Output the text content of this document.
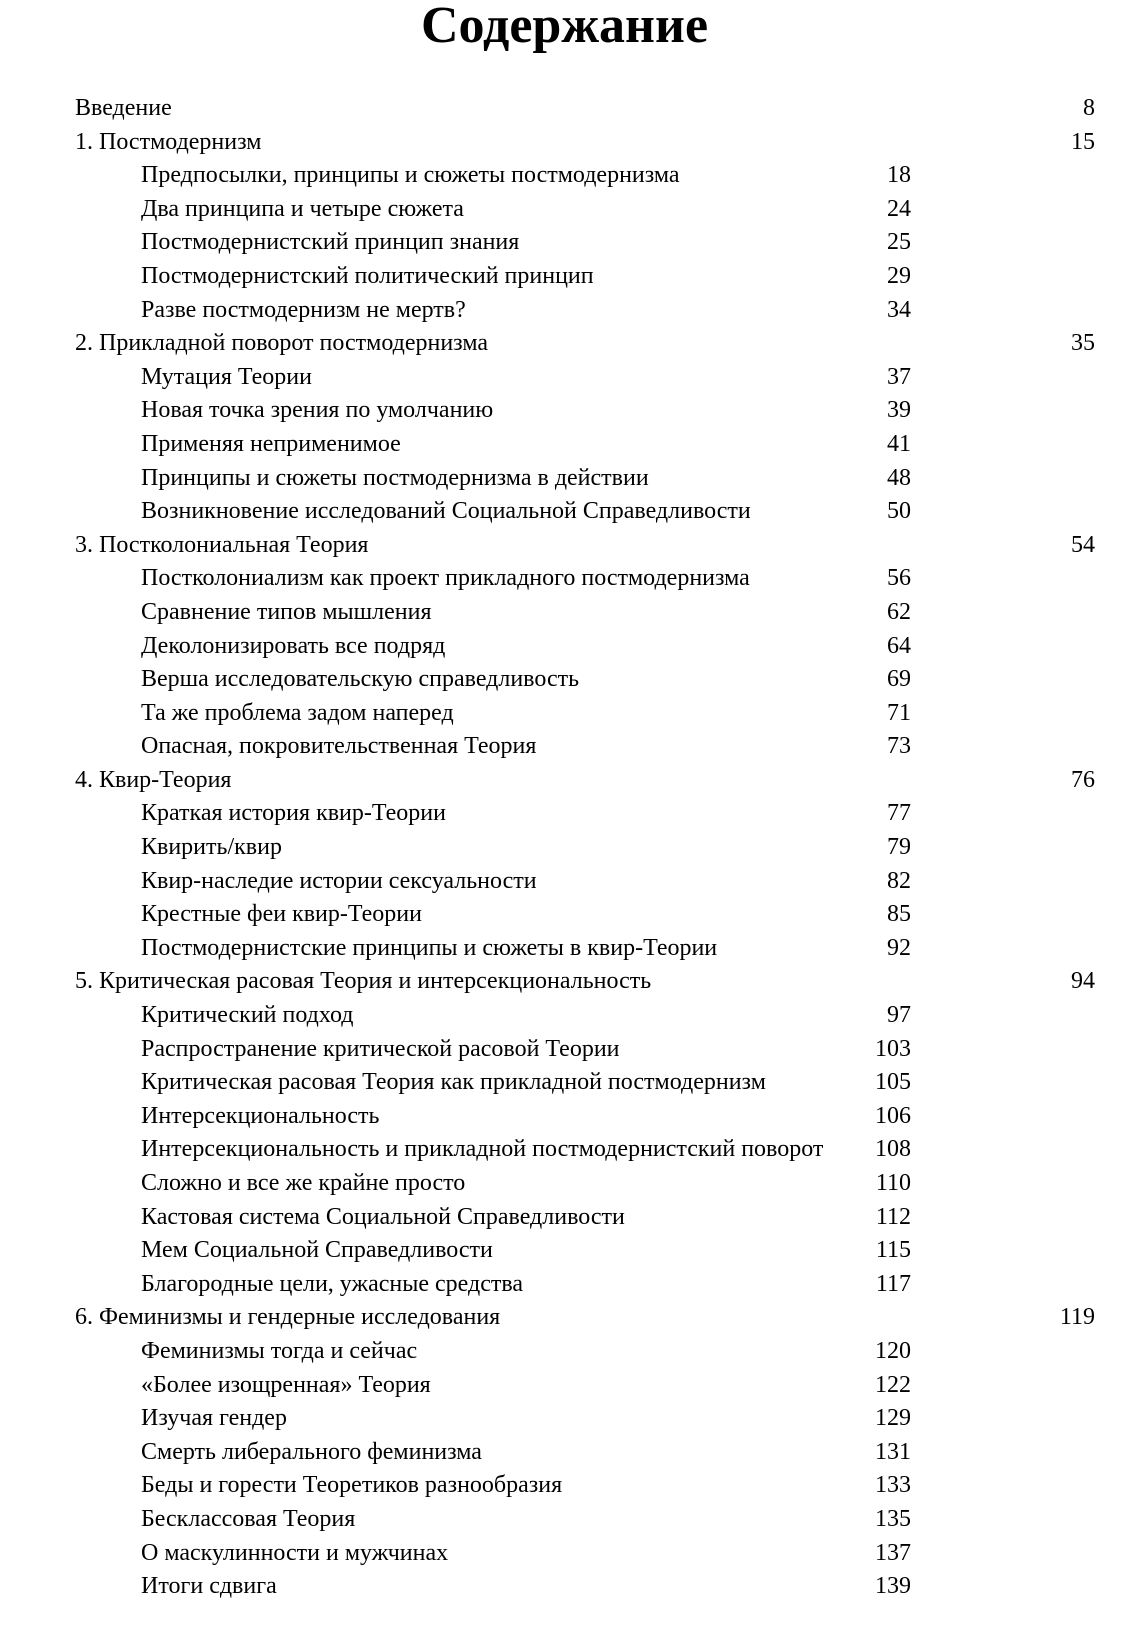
Содержание
Введение	8
1. Постмодернизм	15
Предпосылки, принципы и сюжеты постмодернизма	18
Два принципа и четыре сюжета	24
Постмодернистский принцип знания	25
Постмодернистский политический принцип	29
Разве постмодернизм не мертв?	34
2. Прикладной поворот постмодернизма	35
Мутация Теории	37
Новая точка зрения по умолчанию	39
Применяя неприменимое	41
Принципы и сюжеты постмодернизма в действии	48
Возникновение исследований Социальной Справедливости	50
3. Постколониальная Теория	54
Постколониализм как проект прикладного постмодернизма	56
Сравнение типов мышления	62
Деколонизировать все подряд	64
Верша исследовательскую справедливость	69
Та же проблема задом наперед	71
Опасная, покровительственная Теория	73
4. Квир-Теория	76
Краткая история квир-Теории	77
Квирить/квир	79
Квир-наследие истории сексуальности	82
Крестные феи квир-Теории	85
Постмодернистские принципы и сюжеты в квир-Теории	92
5. Критическая расовая Теория и интерсекциональность	94
Критический подход	97
Распространение критической расовой Теории	103
Критическая расовая Теория как прикладной постмодернизм	105
Интерсекциональность	106
Интерсекциональность и прикладной постмодернистский поворот	108
Сложно и все же крайне просто	110
Кастовая система Социальной Справедливости	112
Мем Социальной Справедливости	115
Благородные цели, ужасные средства	117
6. Феминизмы и гендерные исследования	119
Феминизмы тогда и сейчас	120
«Более изощренная» Теория	122
Изучая гендер	129
Смерть либерального феминизма	131
Беды и горести Теоретиков разнообразия	133
Бесклассовая Теория	135
О маскулинности и мужчинах	137
Итоги сдвига	139
